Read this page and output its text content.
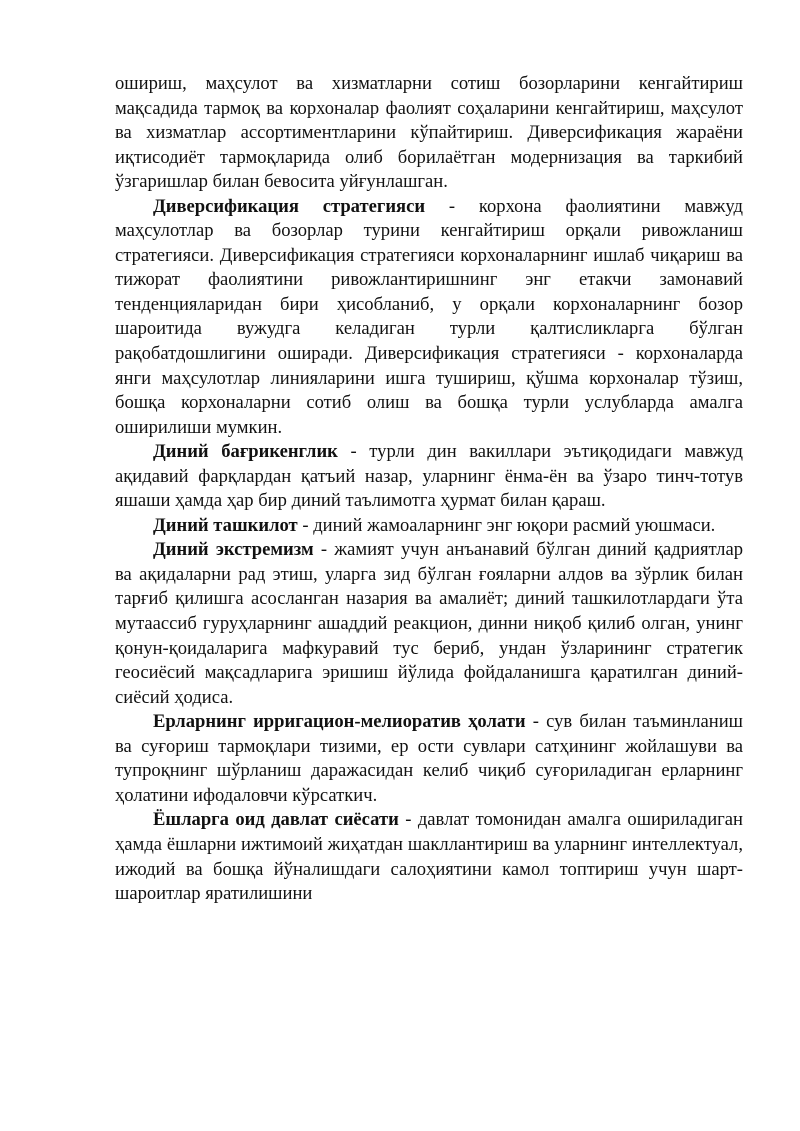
ошириш, маҳсулот ва хизматларни сотиш бозорларини кенгайтириш мақсадида тармоқ ва корхоналар фаолият соҳаларини кенгайтириш, маҳсулот ва хизматлар ассортиментларини кўпайтириш. Диверсификация жараёни иқтисодиёт тармоқларида олиб борилаётган модернизация ва таркибий ўзгаришлар билан бевосита уйғунлашган.

Диверсификация стратегияси - корхона фаолиятини мавжуд маҳсулотлар ва бозорлар турини кенгайтириш орқали ривожланиш стратегияси. Диверсификация стратегияси корхоналарнинг ишлаб чиқариш ва тижорат фаолиятини ривожлантиришнинг энг етакчи замонавий тенденцияларидан бири ҳисобланиб, у орқали корхоналарнинг бозор шароитида вужудга келадиган турли қалтисликларга бўлган рақобатдошлигини оширади. Диверсификация стратегияси - корхоналарда янги маҳсулотлар линияларини ишга тушириш, қўшма корхоналар тўзиш, бошқа корхоналарни сотиб олиш ва бошқа турли услубларда амалга оширилиши мумкин.

Диний бағрикенглик - турли дин вакиллари эътиқодидаги мавжуд ақидавий фарқлардан қатъий назар, уларнинг ёнма-ён ва ўзаро тинч-тотув яшаши ҳамда ҳар бир диний таълимотга ҳурмат билан қараш.

Диний ташкилот - диний жамоаларнинг энг юқори расмий уюшмаси.

Диний экстремизм - жамият учун анъанавий бўлган диний қадриятлар ва ақидаларни рад этиш, уларга зид бўлган ғояларни алдов ва зўрлик билан тарғиб қилишга асосланган назария ва амалиёт; диний ташкилотлардаги ўта мутаассиб гуруҳларнинг ашаддий реакцион, динни ниқоб қилиб олган, унинг қонун-қоидаларига мафкуравий тус бериб, ундан ўзларининг стратегик геосиёсий мақсадларига эришиш йўлида фойдаланишга қаратилган диний-сиёсий ҳодиса.

Ерларнинг ирригацион-мелиоратив ҳолати - сув билан таъминланиш ва суғориш тармоқлари тизими, ер ости сувлари сатҳининг жойлашуви ва тупроқнинг шўрланиш даражасидан келиб чиқиб суғориладиган ерларнинг ҳолатини ифодаловчи кўрсаткич.

Ёшларга оид давлат сиёсати - давлат томонидан амалга ошириладиган ҳамда ёшларни ижтимоий жиҳатдан шакллантириш ва уларнинг интеллектуал, ижодий ва бошқа йўналишдаги салоҳиятини камол топтириш учун шарт-шароитлар яратилишини
